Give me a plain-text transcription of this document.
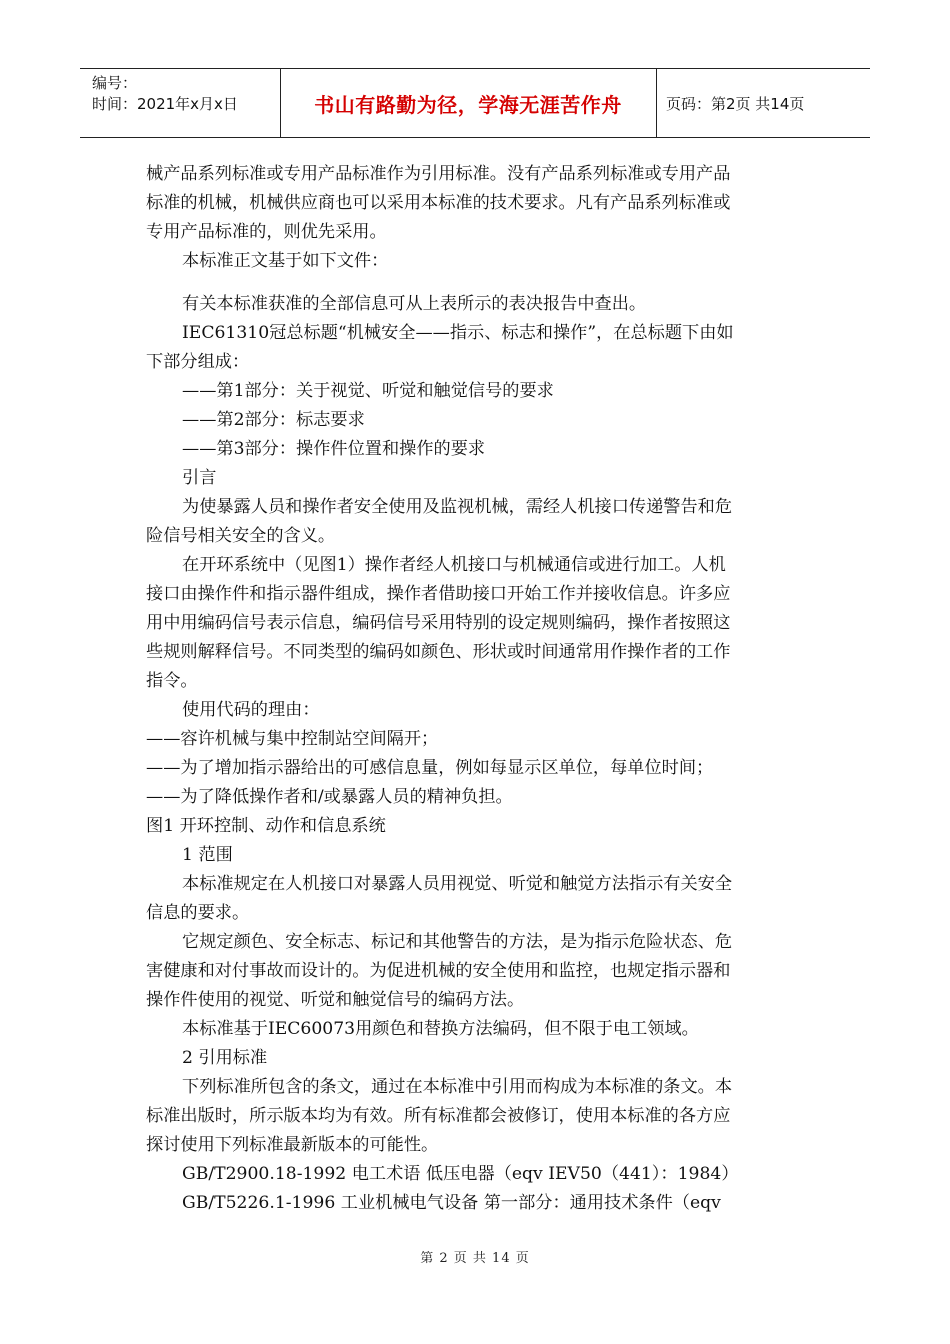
编号：
时间：2021年x月x日	书山有路勤为径，学海无涯苦作舟	页码：第2页 共14页
械产品系列标准或专用产品标准作为引用标准。没有产品系列标准或专用产品
标准的机械，机械供应商也可以采用本标准的技术要求。凡有产品系列标准或
专用产品标准的，则优先采用。
本标准正文基于如下文件：
有关本标准获准的全部信息可从上表所示的表决报告中查出。
IEC61310冠总标题“机械安全——指示、标志和操作”，在总标题下由如
下部分组成：
——第1部分：关于视觉、听觉和触觉信号的要求
——第2部分：标志要求
——第3部分：操作件位置和操作的要求
引言
为使暴露人员和操作者安全使用及监视机械，需经人机接口传递警告和危
险信号相关安全的含义。
在开环系统中（见图1）操作者经人机接口与机械通信或进行加工。人机
接口由操作件和指示器件组成，操作者借助接口开始工作并接收信息。许多应
用中用编码信号表示信息，编码信号采用特别的设定规则编码，操作者按照这
些规则解释信号。不同类型的编码如颜色、形状或时间通常用作操作者的工作
指令。
使用代码的理由：
——容许机械与集中控制站空间隔开；
——为了增加指示器给出的可感信息量，例如每显示区单位，每单位时间；
——为了降低操作者和/或暴露人员的精神负担。
图1 开环控制、动作和信息系统
1 范围
本标准规定在人机接口对暴露人员用视觉、听觉和触觉方法指示有关安全
信息的要求。
它规定颜色、安全标志、标记和其他警告的方法，是为指示危险状态、危
害健康和对付事故而设计的。为促进机械的安全使用和监控，也规定指示器和
操作件使用的视觉、听觉和触觉信号的编码方法。
本标准基于IEC60073用颜色和替换方法编码，但不限于电工领域。
2 引用标准
下列标准所包含的条文，通过在本标准中引用而构成为本标准的条文。本
标准出版时，所示版本均为有效。所有标准都会被修订，使用本标准的各方应
探讨使用下列标准最新版本的可能性。
GB/T2900.18-1992 电工术语 低压电器（eqv IEV50（441）：1984）
GB/T5226.1-1996 工业机械电气设备 第一部分：通用技术条件（eqv
第 2 页 共 14 页
